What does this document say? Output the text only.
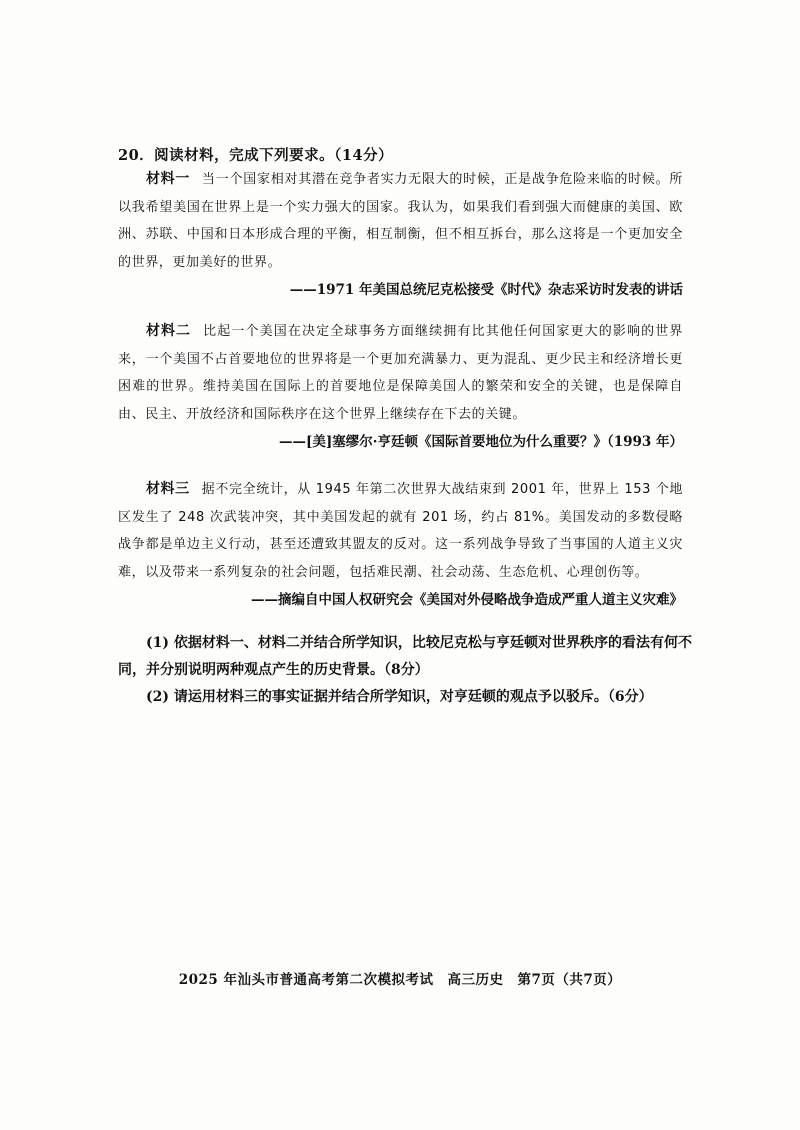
20．阅读材料，完成下列要求。（14分）

材料一 当一个国家相对其潜在竞争者实力无限大的时候，正是战争危险来临的时候。所以我希望美国在世界上是一个实力强大的国家。我认为，如果我们看到强大而健康的美国、欧洲、苏联、中国和日本形成合理的平衡，相互制衡，但不相互拆台，那么这将是一个更加安全的世界，更加美好的世界。

——1971 年美国总统尼克松接受《时代》杂志采访时发表的讲话

材料二 比起一个美国在决定全球事务方面继续拥有比其他任何国家更大的影响的世界来，一个美国不占首要地位的世界将是一个更加充满暴力、更为混乱、更少民主和经济增长更困难的世界。维持美国在国际上的首要地位是保障美国人的繁荣和安全的关键，也是保障自由、民主、开放经济和国际秩序在这个世界上继续存在下去的关键。

——[美]塞缪尔·亨廷顿《国际首要地位为什么重要？》（1993 年）

材料三 据不完全统计，从 1945 年第二次世界大战结束到 2001 年，世界上 153 个地区发生了 248 次武装冲突，其中美国发起的就有 201 场，约占 81%。美国发动的多数侵略战争都是单边主义行动，甚至还遭致其盟友的反对。这一系列战争导致了当事国的人道主义灾难，以及带来一系列复杂的社会问题，包括难民潮、社会动荡、生态危机、心理创伤等。

——摘编自中国人权研究会《美国对外侵略战争造成严重人道主义灾难》

(1) 依据材料一、材料二并结合所学知识，比较尼克松与亨廷顿对世界秩序的看法有何不同，并分别说明两种观点产生的历史背景。（8分）

(2) 请运用材料三的事实证据并结合所学知识，对亨廷顿的观点予以驳斥。（6分）

2025 年汕头市普通高考第二次模拟考试　高三历史　第7页（共7页）
